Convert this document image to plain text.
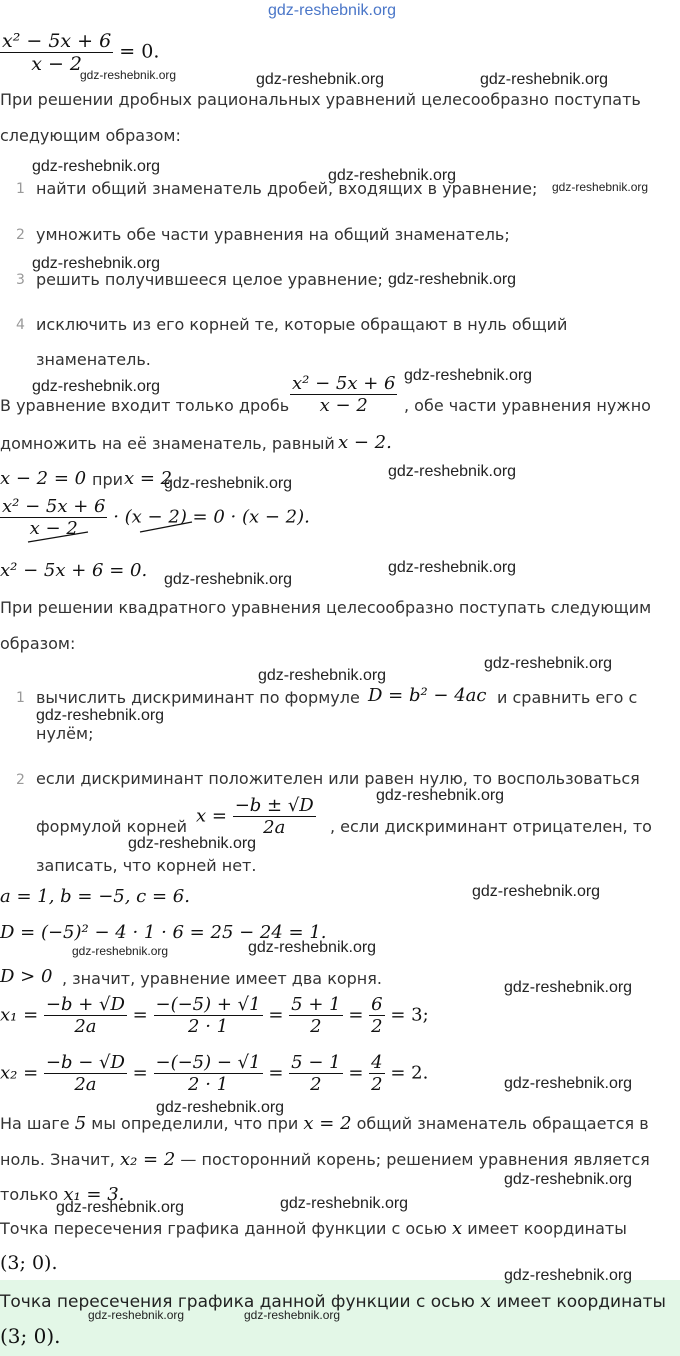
gdz-reshebnik.org
$\frac{\text{x² − 5x + 6}}{x - 2} = 0$.
При решении дробных рациональных уравнений целесообразно поступать
следующим образом:
1 найти общий знаменатель дробей, входящих в уравнение;
2 умножить обе части уравнения на общий знаменатель;
3 решить получившееся целое уравнение;
4 исключить из его корней те, которые обращают в нуль общий
знаменатель.
В уравнение входит только дробь $\frac{\text{x² − 5x + 6}}{x - 2}$ , обе части уравнения нужно
домножить на её знаменатель, равный x − 2.
x − 2 = 0 при x = 2
$\frac{\text{x² − 5x + 6}}{x - 2} \cdot (x - 2) = 0 \cdot (x - 2)$.
x² − 5x + 6 = 0.
При решении квадратного уравнения целесообразно поступать следующим
образом:
1 вычислить дискриминант по формуле D = b² − 4ac и сравнить его с
нулём;
2 если дискриминант положителен или равен нулю, то воспользоваться
формулой корней $x = \frac{-b \pm √D}{2a}$ , если дискриминант отрицателен, то
записать, что корней нет.
a = 1, b = −5, c = 6.
D = (−5)² − 4 · 1 · 6 = 25 − 24 = 1.
D > 0 , значит, уравнение имеет два корня.
$x_1 = \frac{-b + √D}{2a} = \frac{-(-5) + √1}{2 \cdot 1} = \frac{5 + 1}{2} = \frac{6}{2} = 3$;
$x_2 = \frac{-b - √D}{2a} = \frac{-(-5) - √1}{2 \cdot 1} = \frac{5 - 1}{2} = \frac{4}{2} = 2$.
На шаге 5 мы определили, что при x = 2 общий знаменатель обращается в
ноль. Значит, x₂ = 2 — посторонний корень; решением уравнения является
только x₁ = 3.
Точка пересечения графика данной функции с осью x имеет координаты
(3; 0).
Точка пересечения графика данной функции с осью x имеет координаты
(3; 0).
gdz-reshebnik.org	gdz-reshebnik.org	gdz-reshebnik.org
gdz-reshebnik.org
gdz-reshebnik.org
gdz-reshebnik.org
gdz-reshebnik.org
gdz-reshebnik.org
gdz-reshebnik.org
gdz-reshebnik.org
gdz-reshebnik.org
gdz-reshebnik.org
gdz-reshebnik.org
gdz-reshebnik.org
gdz-reshebnik.org
gdz-reshebnik.org
gdz-reshebnik.org
gdz-reshebnik.org
gdz-reshebnik.org
gdz-reshebnik.org
gdz-reshebnik.org	gdz-reshebnik.org
gdz-reshebnik.org
gdz-reshebnik.org
gdz-reshebnik.org
gdz-reshebnik.org
gdz-reshebnik.org	gdz-reshebnik.org
gdz-reshebnik.org
gdz-reshebnik.org	gdz-reshebnik.org
